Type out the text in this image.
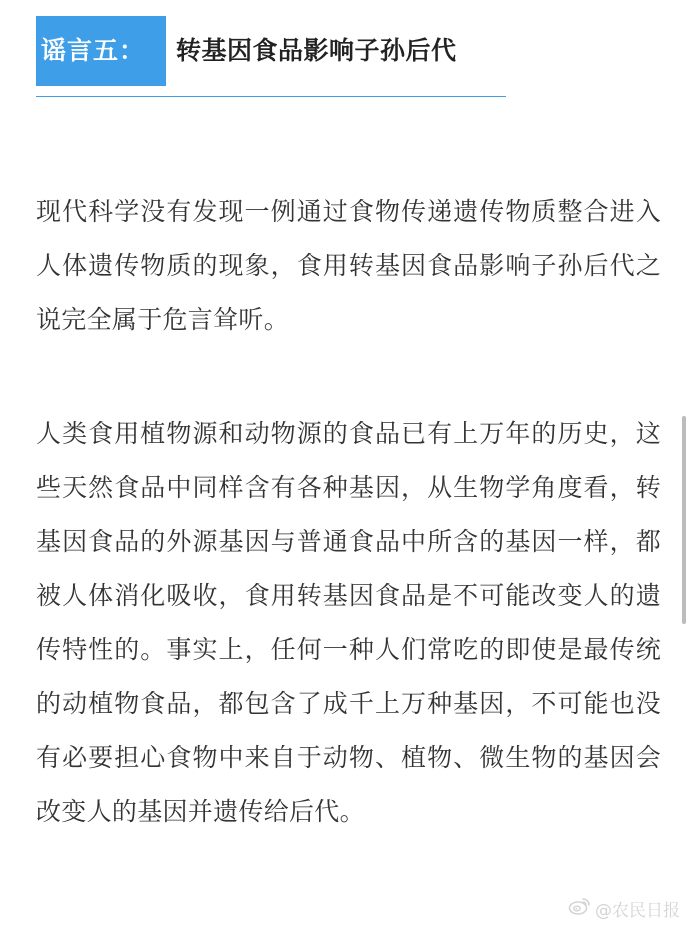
谣言五：	转基因食品影响子孙后代

现代科学没有发现一例通过食物传递遗传物质整合进入人体遗传物质的现象，食用转基因食品影响子孙后代之说完全属于危言耸听。

人类食用植物源和动物源的食品已有上万年的历史，这些天然食品中同样含有各种基因，从生物学角度看，转基因食品的外源基因与普通食品中所含的基因一样，都被人体消化吸收，食用转基因食品是不可能改变人的遗传特性的。事实上，任何一种人们常吃的即使是最传统的动植物食品，都包含了成千上万种基因，不可能也没有必要担心食物中来自于动物、植物、微生物的基因会改变人的基因并遗传给后代。

@农民日报
